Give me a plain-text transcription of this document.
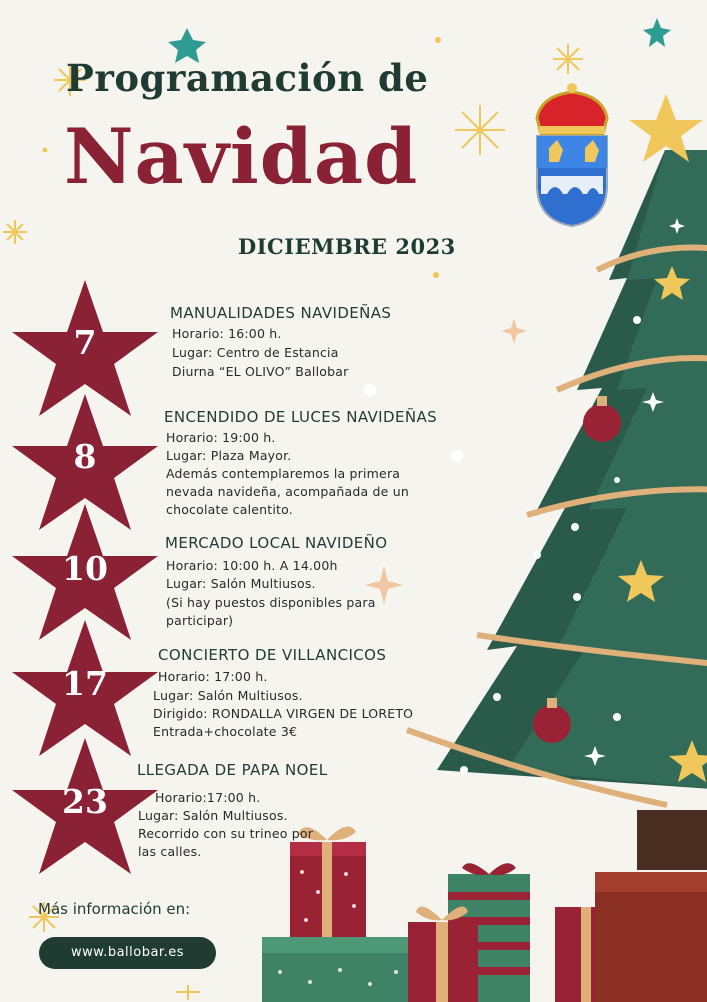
Programación de
Navidad
DICIEMBRE 2023
7
8
10
17
23
MANUALIDADES NAVIDEÑAS
Horario: 16:00 h.
Lugar: Centro de Estancia
Diurna “EL OLIVO” Ballobar
ENCENDIDO DE LUCES NAVIDEÑAS
Horario: 19:00 h.
Lugar: Plaza Mayor.
Además contemplaremos la primera
nevada navideña, acompañada de un
chocolate calentito.
MERCADO LOCAL NAVIDEÑO
Horario: 10:00 h. A 14.00h
Lugar: Salón Multiusos.
(Si hay puestos disponibles para
participar)
CONCIERTO DE VILLANCICOS
Horario: 17:00 h.
Lugar: Salón Multiusos.
Dirigido: RONDALLA VIRGEN DE LORETO
Entrada+chocolate 3€
LLEGADA DE PAPA NOEL
Horario:17:00 h.
Lugar: Salón Multiusos.
Recorrido con su trineo por
las calles.
Más información en:
www.ballobar.es
